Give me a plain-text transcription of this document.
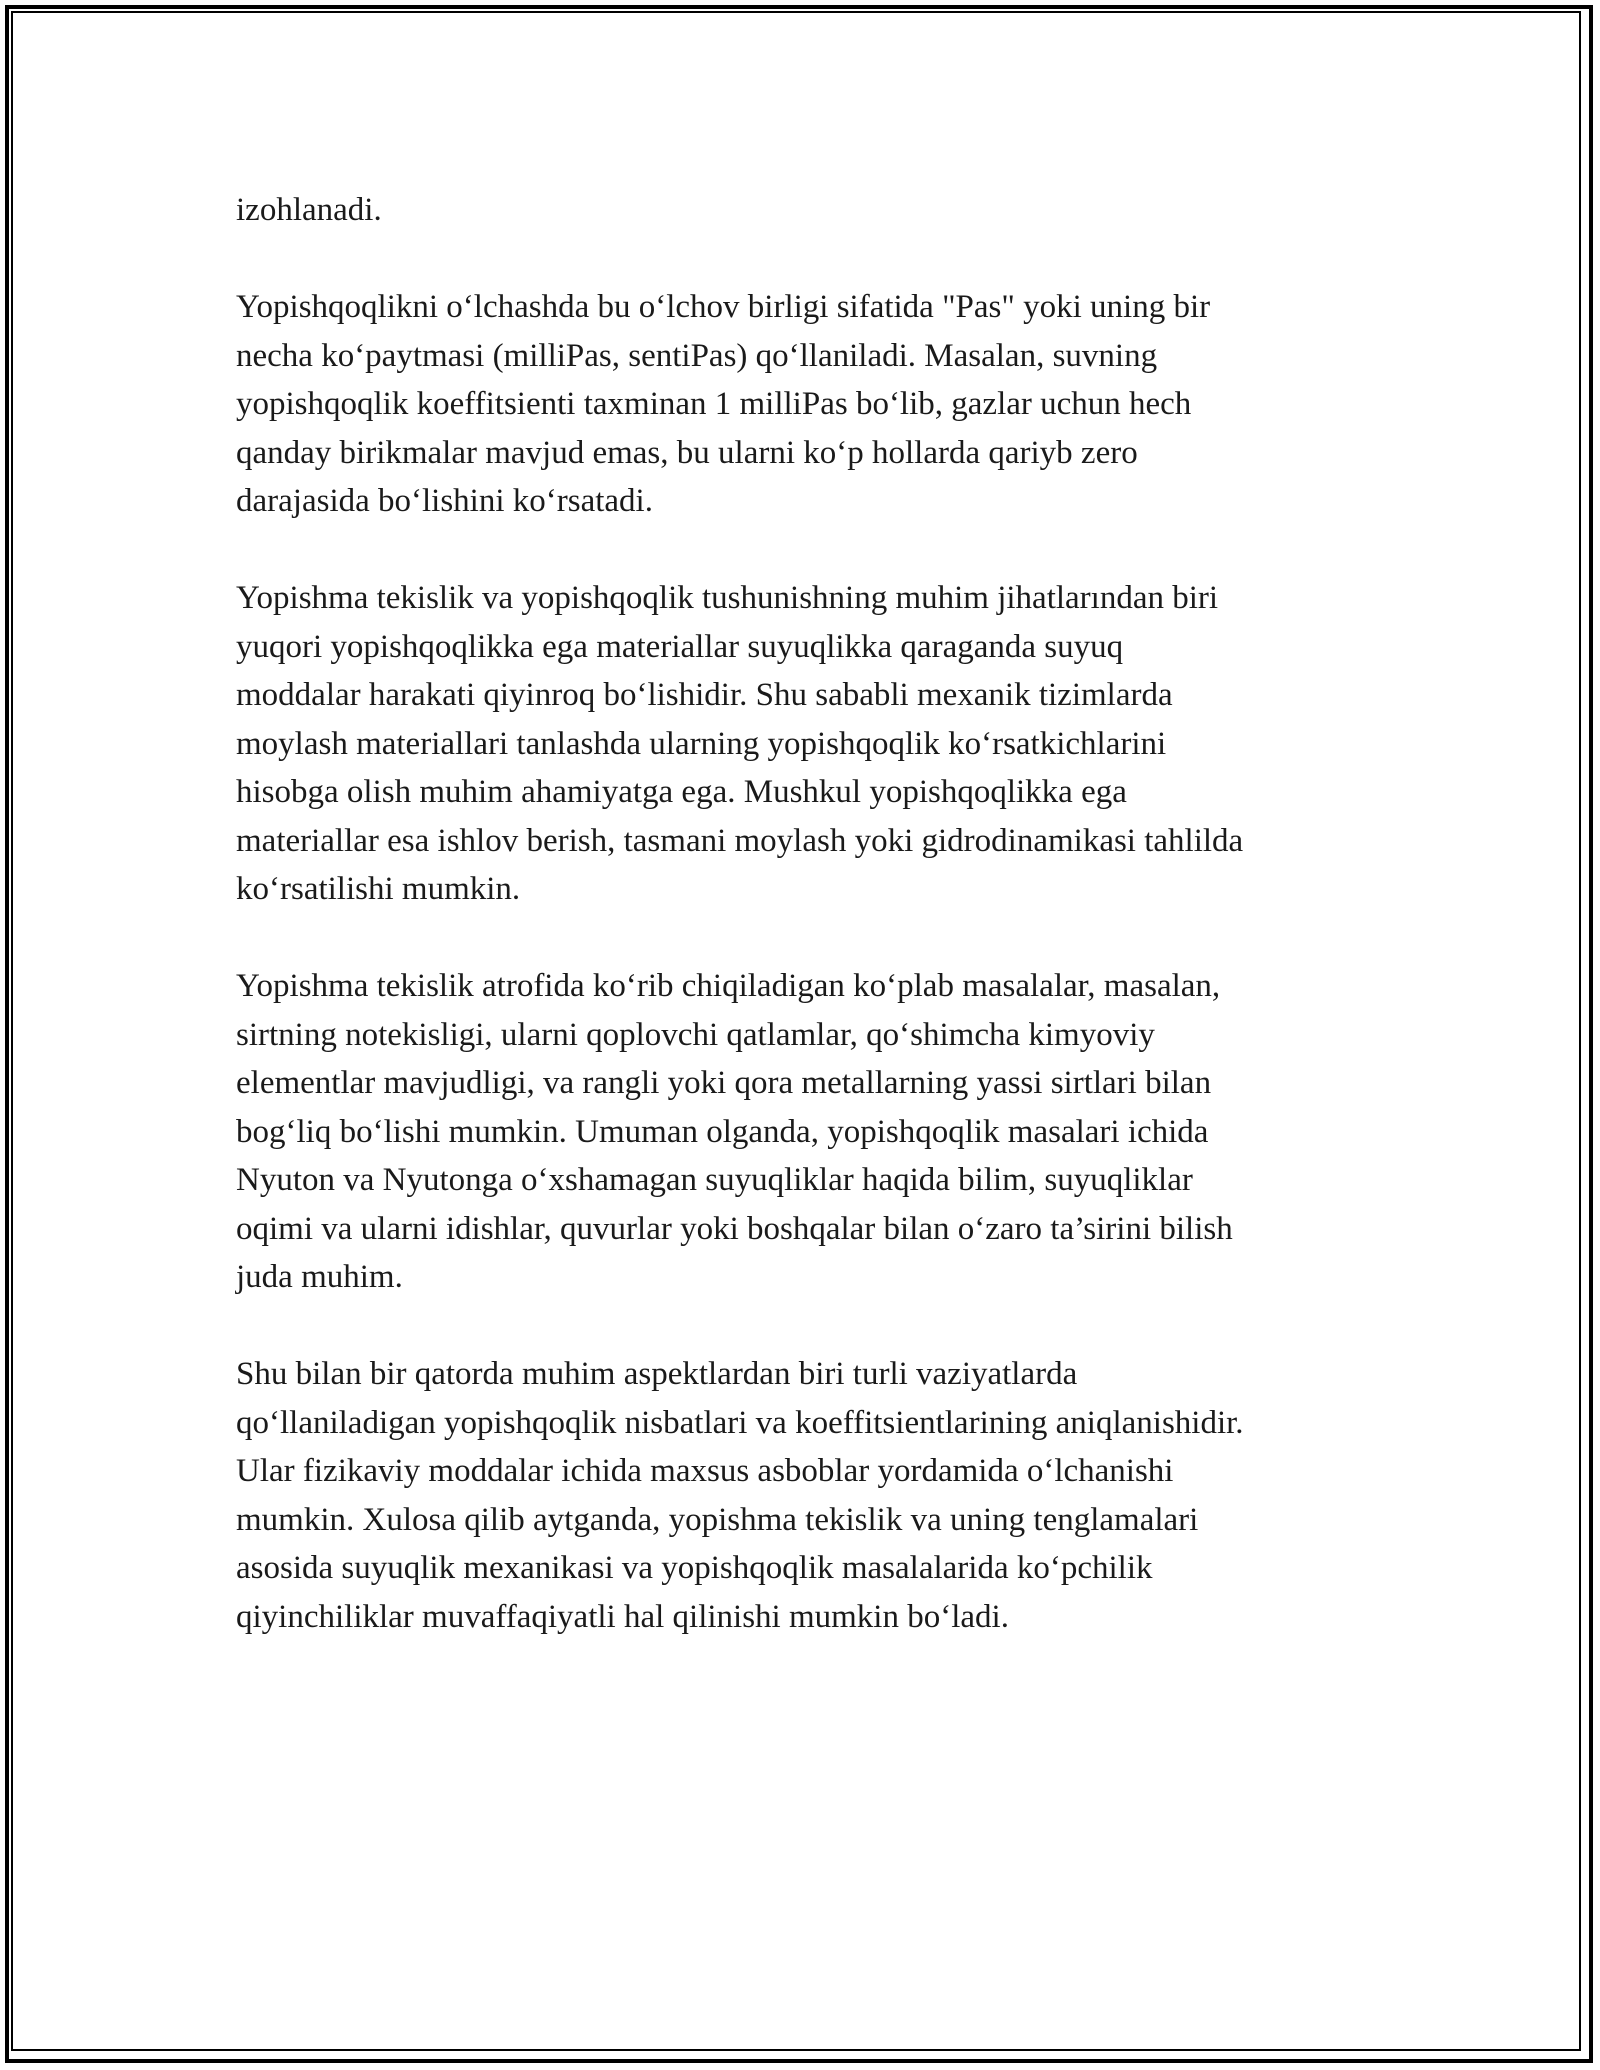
izohlanadi.

Yopishqoqlikni o‘lchashda bu o‘lchov birligi sifatida "Pas" yoki uning bir
necha ko‘paytmasi (milliPas, sentiPas) qo‘llaniladi. Masalan, suvning
yopishqoqlik koeffitsienti taxminan 1 milliPas bo‘lib, gazlar uchun hech
qanday birikmalar mavjud emas, bu ularni ko‘p hollarda qariyb zero
darajasida bo‘lishini ko‘rsatadi.

Yopishma tekislik va yopishqoqlik tushunishning muhim jihatlarından biri
yuqori yopishqoqlikka ega materiallar suyuqlikka qaraganda suyuq
moddalar harakati qiyinroq bo‘lishidir. Shu sababli mexanik tizimlarda
moylash materiallari tanlashda ularning yopishqoqlik ko‘rsatkichlarini
hisobga olish muhim ahamiyatga ega. Mushkul yopishqoqlikka ega
materiallar esa ishlov berish, tasmani moylash yoki gidrodinamikasi tahlilda
ko‘rsatilishi mumkin.

Yopishma tekislik atrofida ko‘rib chiqiladigan ko‘plab masalalar, masalan,
sirtning notekisligi, ularni qoplovchi qatlamlar, qo‘shimcha kimyoviy
elementlar mavjudligi, va rangli yoki qora metallarning yassi sirtlari bilan
bog‘liq bo‘lishi mumkin. Umuman olganda, yopishqoqlik masalari ichida
Nyuton va Nyutonga o‘xshamagan suyuqliklar haqida bilim, suyuqliklar
oqimi va ularni idishlar, quvurlar yoki boshqalar bilan o‘zaro ta’sirini bilish
juda muhim.

Shu bilan bir qatorda muhim aspektlardan biri turli vaziyatlarda
qo‘llaniladigan yopishqoqlik nisbatlari va koeffitsientlarining aniqlanishidir.
Ular fizikaviy moddalar ichida maxsus asboblar yordamida o‘lchanishi
mumkin. Xulosa qilib aytganda, yopishma tekislik va uning tenglamalari
asosida suyuqlik mexanikasi va yopishqoqlik masalalarida ko‘pchilik
qiyinchiliklar muvaffaqiyatli hal qilinishi mumkin bo‘ladi.
